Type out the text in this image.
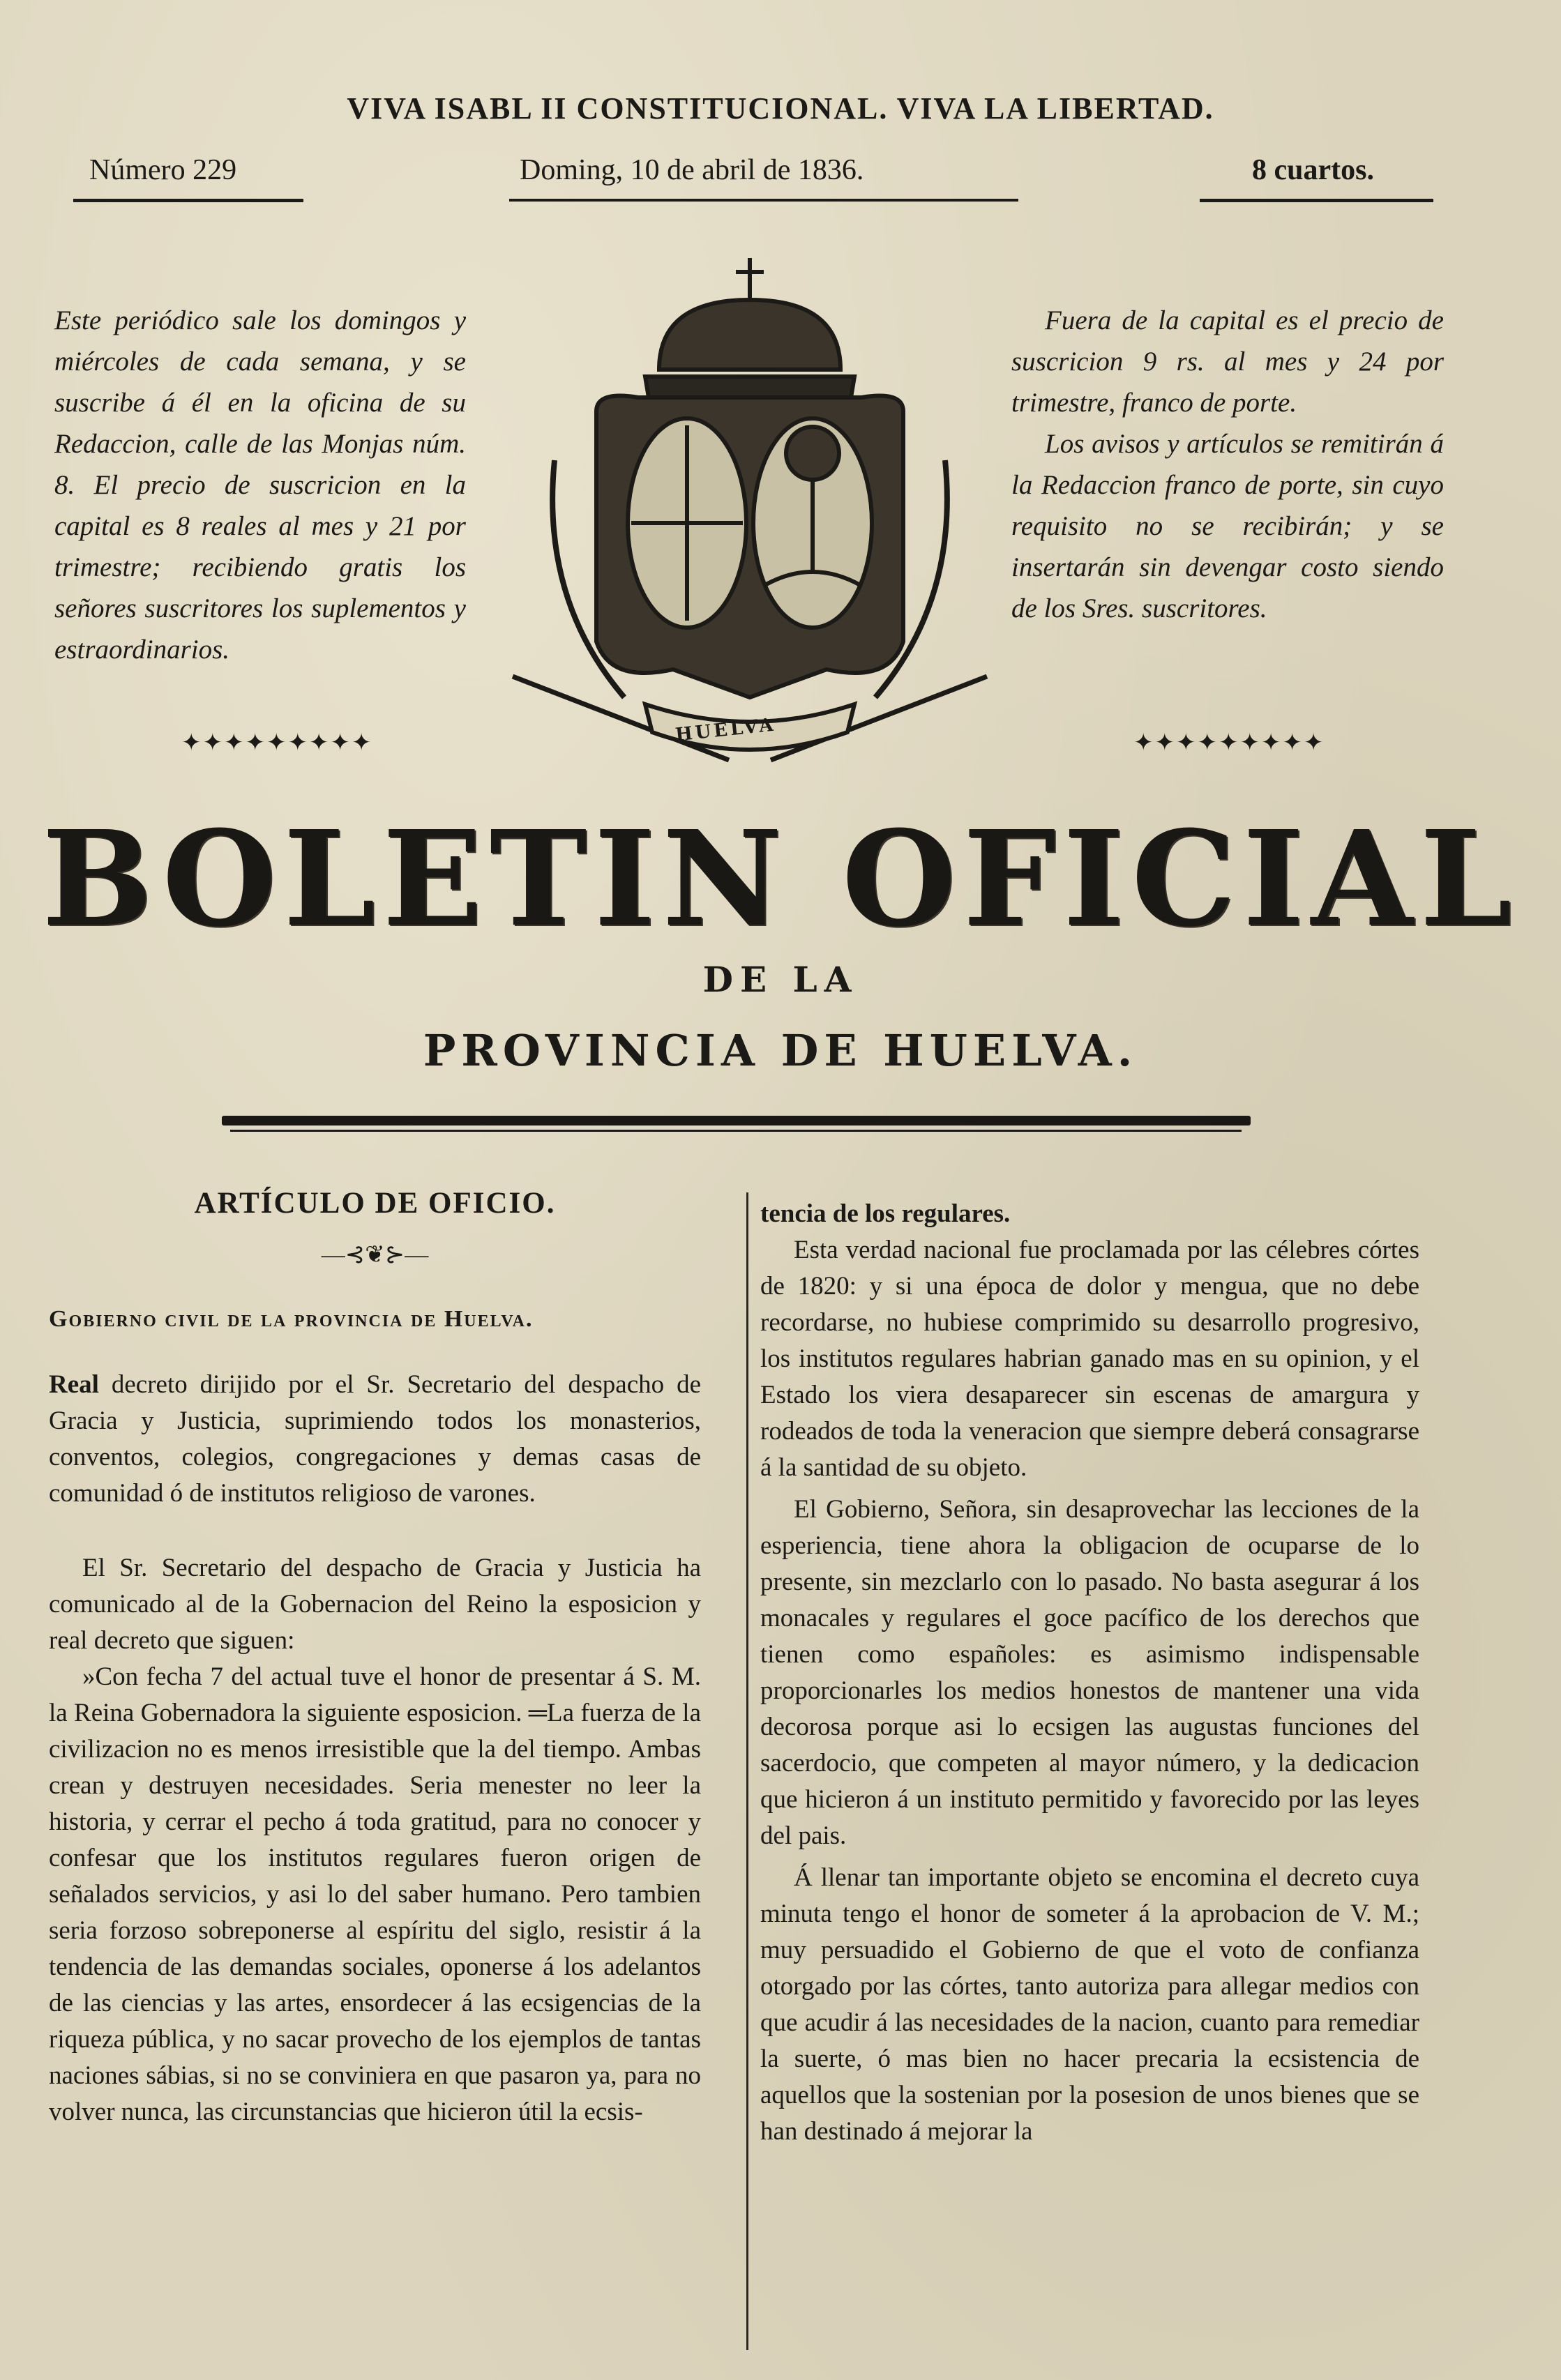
VIVA ISABL II CONSTITUCIONAL. VIVA LA LIBERTAD.
Número 229	Doming, 10 de abril de 1836.	8 cuartos.
Este periódico sale los domingos y miércoles de cada semana, y se suscribe á él en la oficina de su Redaccion, calle de las Monjas núm. 8. El precio de suscricion en la capital es 8 reales al mes y 21 por trimestre; recibiendo gratis los señores suscritores los suplementos y estraordinarios.

Fuera de la capital es el precio de suscricion 9 rs. al mes y 24 por trimestre, franco de porte.

Los avisos y artículos se remitirán á la Redaccion franco de porte, sin cuyo requisito no se recibirán; y se insertarán sin devengar costo siendo de los Sres. suscritores.

✦✦✦✦✦✦✦✦✦	✦✦✦✦✦✦✦✦✦
HUELVA
BOLETIN OFICIAL
DE LA
PROVINCIA DE HUELVA.
ARTÍCULO DE OFICIO.
—⊰❦⊱—
Gobierno civil de la provincia de Huelva.
Real decreto dirijido por el Sr. Secretario del despacho de Gracia y Justicia, suprimiendo todos los monasterios, conventos, colegios, congregaciones y demas casas de comunidad ó de institutos religioso de varones.

El Sr. Secretario del despacho de Gracia y Justicia ha comunicado al de la Gobernacion del Reino la esposicion y real decreto que siguen:

»Con fecha 7 del actual tuve el honor de presentar á S. M. la Reina Gobernadora la siguiente esposicion. ═La fuerza de la civilizacion no es menos irresistible que la del tiempo. Ambas crean y destruyen necesidades. Seria menester no leer la historia, y cerrar el pecho á toda gratitud, para no conocer y confesar que los institutos regulares fueron origen de señalados servicios, y asi lo del saber humano. Pero tambien seria forzoso sobreponerse al espíritu del siglo, resistir á la tendencia de las demandas sociales, oponerse á los adelantos de las ciencias y las artes, ensordecer á las ecsigencias de la riqueza pública, y no sacar provecho de los ejemplos de tantas naciones sábias, si no se conviniera en que pasaron ya, para no volver nunca, las circunstancias que hicieron útil la ecsis-

tencia de los regulares.

Esta verdad nacional fue proclamada por las célebres córtes de 1820: y si una época de dolor y mengua, que no debe recordarse, no hubiese comprimido su desarrollo progresivo, los institutos regulares habrian ganado mas en su opinion, y el Estado los viera desaparecer sin escenas de amargura y rodeados de toda la veneracion que siempre deberá consagrarse á la santidad de su objeto.

El Gobierno, Señora, sin desaprovechar las lecciones de la esperiencia, tiene ahora la obligacion de ocuparse de lo presente, sin mezclarlo con lo pasado. No basta asegurar á los monacales y regulares el goce pacífico de los derechos que tienen como españoles: es asimismo indispensable proporcionarles los medios honestos de mantener una vida decorosa porque asi lo ecsigen las augustas funciones del sacerdocio, que competen al mayor número, y la dedicacion que hicieron á un instituto permitido y favorecido por las leyes del pais.

Á llenar tan importante objeto se encomina el decreto cuya minuta tengo el honor de someter á la aprobacion de V. M.; muy persuadido el Gobierno de que el voto de confianza otorgado por las córtes, tanto autoriza para allegar medios con que acudir á las necesidades de la nacion, cuanto para remediar la suerte, ó mas bien no hacer precaria la ecsistencia de aquellos que la sostenian por la posesion de unos bienes que se han destinado á mejorar la
